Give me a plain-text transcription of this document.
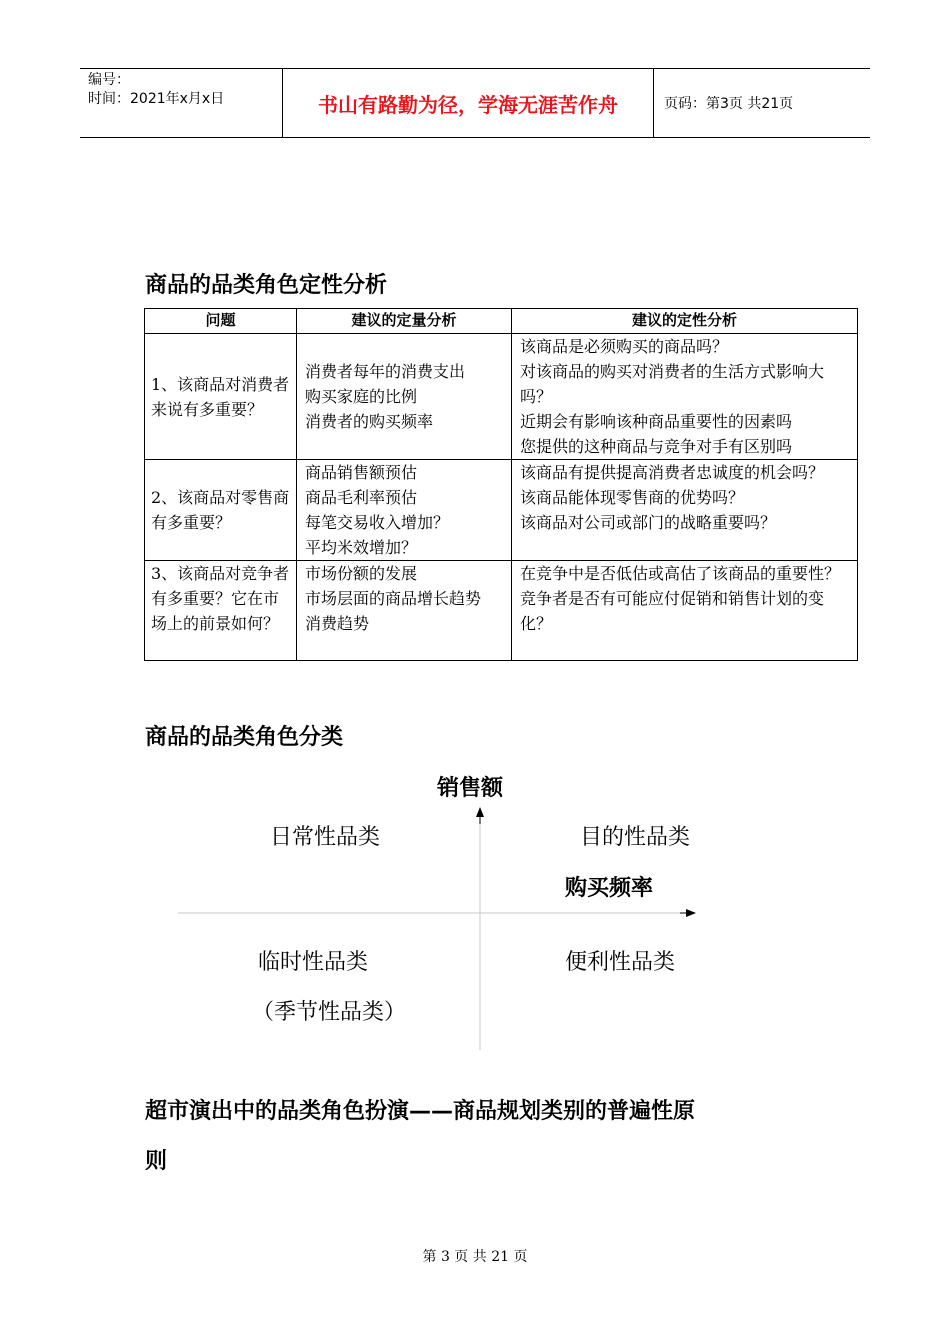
编号：
时间：2021年x月x日	书山有路勤为径，学海无涯苦作舟	页码：第3页 共21页
商品的品类角色定性分析
问题	建议的定量分析	建议的定性分析

1、该商品对消费者来说有多重要？	消费者每年的消费支出
购买家庭的比例
消费者的购买频率	该商品是必须购买的商品吗？
对该商品的购买对消费者的生活方式影响大吗？
近期会有影响该种商品重要性的因素吗
您提供的这种商品与竞争对手有区别吗

2、该商品对零售商有多重要？	商品销售额预估
商品毛利率预估
每笔交易收入增加？
平均米效增加？	该商品有提供提高消费者忠诚度的机会吗？
该商品能体现零售商的优势吗？
该商品对公司或部门的战略重要吗？

3、该商品对竞争者有多重要？它在市场上的前景如何？	市场份额的发展
市场层面的商品增长趋势
消费趋势	在竞争中是否低估或高估了该商品的重要性？
竞争者是否有可能应付促销和销售计划的变化？
商品的品类角色分类
销售额
购买频率
日常性品类	目的性品类
临时性品类
（季节性品类）
便利性品类
超市演出中的品类角色扮演——商品规划类别的普遍性原
则
第 3 页 共 21 页
